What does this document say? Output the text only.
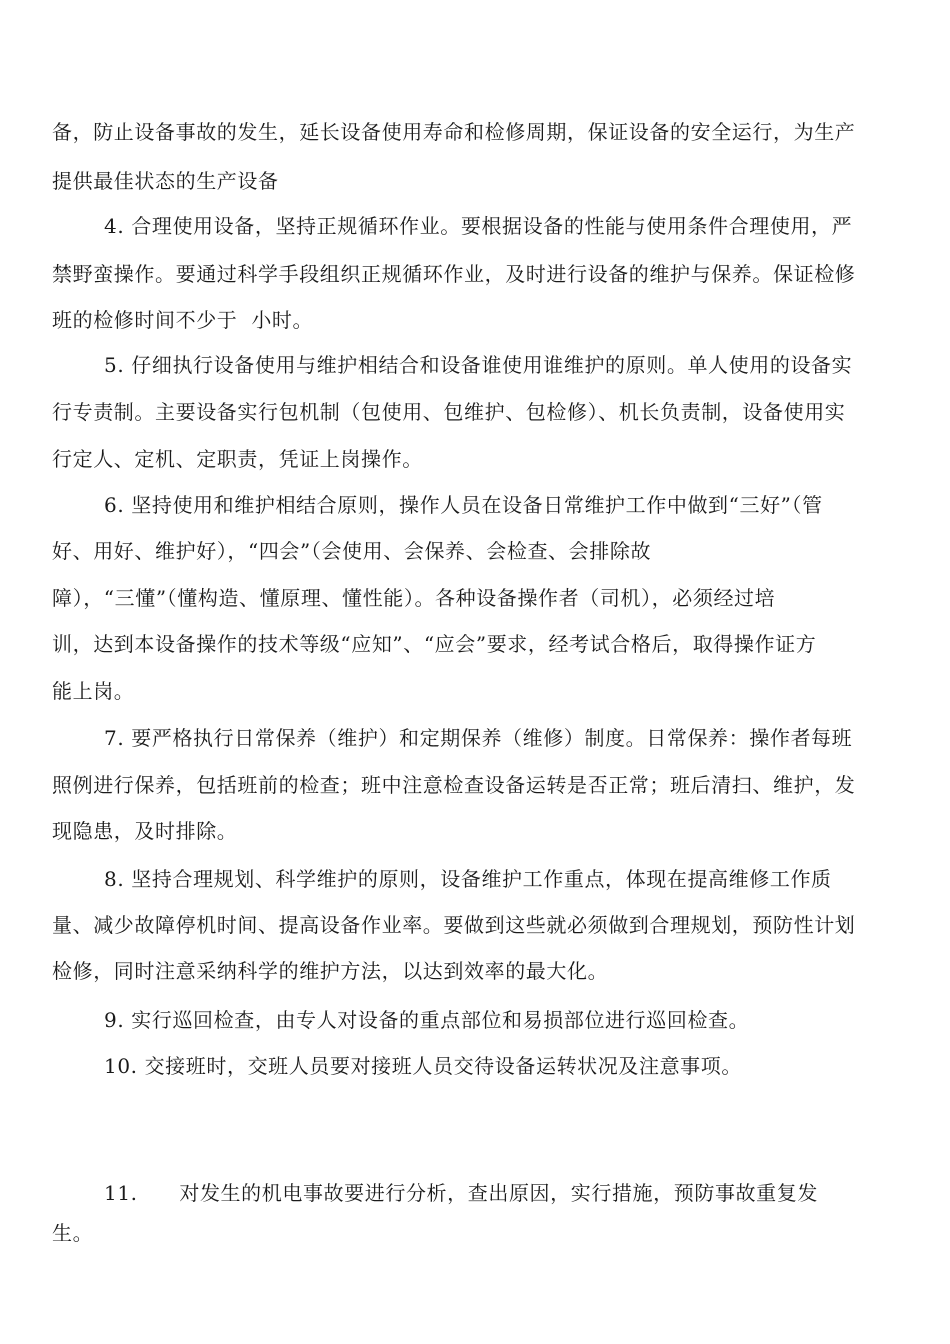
备，防止设备事故的发生，延长设备使用寿命和检修周期，保证设备的安全运行，为生产
提供最佳状态的生产设备
4. 合理使用设备，坚持正规循环作业。要根据设备的性能与使用条件合理使用，严
禁野蛮操作。要通过科学手段组织正规循环作业，及时进行设备的维护与保养。保证检修
班的检修时间不少于  小时。
5. 仔细执行设备使用与维护相结合和设备谁使用谁维护的原则。单人使用的设备实
行专责制。主要设备实行包机制（包使用、包维护、包检修）、机长负责制，设备使用实
行定人、定机、定职责，凭证上岗操作。
6. 坚持使用和维护相结合原则，操作人员在设备日常维护工作中做到“三好”（管
好、用好、维护好），“四会”（会使用、会保养、会检查、会排除故
障），“三懂”（懂构造、懂原理、懂性能）。各种设备操作者（司机），必须经过培
训，达到本设备操作的技术等级“应知”、“应会”要求，经考试合格后，取得操作证方
能上岗。
7. 要严格执行日常保养（维护）和定期保养（维修）制度。日常保养：操作者每班
照例进行保养，包括班前的检查；班中注意检查设备运转是否正常；班后清扫、维护，发
现隐患，及时排除。
8. 坚持合理规划、科学维护的原则，设备维护工作重点，体现在提高维修工作质
量、减少故障停机时间、提高设备作业率。要做到这些就必须做到合理规划，预防性计划
检修，同时注意采纳科学的维护方法，以达到效率的最大化。
9. 实行巡回检查，由专人对设备的重点部位和易损部位进行巡回检查。
10. 交接班时，交班人员要对接班人员交待设备运转状况及注意事项。
11.      对发生的机电事故要进行分析，查出原因，实行措施，预防事故重复发
生。
